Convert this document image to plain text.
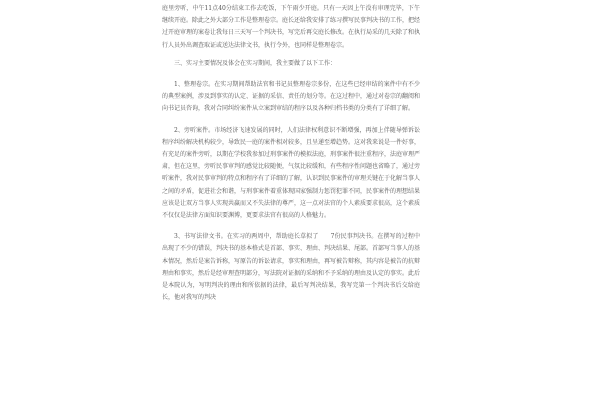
庭里旁听，中午11点40分结束工作去吃饭，下午雨少开庭。只有一天因上午没有审理完毕，下午继续开庭。除此之外大部分工作是整理卷宗。庭长还给我安排了练习撰写民事判决书的工作，把经过开庭审理的案卷让我每日三天写一个判决书，写完后再交庭长修改。在执行局采的几天除了和执行人员外出调查取证或送达法律文书，执行令外，也同样是整理卷宗。

三、实习主要情况及体会在实习期间，我主要做了以下工作：

1、整理卷宗。在实习期间帮助法官和书记员整理卷宗多份，在这些已经审结的案件中有不少的典型案例，涉及到事实的认定、证据的采信、责任的划分等。在这过程中，通过对卷宗的翻阅和向书记员咨询，我对合同纠纷案件从立案到审结的程序以及各种归档书类的分类有了详细了解。

2、旁听案件。市场经济飞速发展的同时，人们法律权利意识不断增强，再加上伴随导弹诉讼程序纠纷解决机构较少，导致民一庭的案件相对较多，且呈递至增趋势。这对我来说是一件好事，有充足的案件旁听，以期在学校我参加过刑事案件的模拟法庭，刑事案件很注重程序，法庭审理严肃，但在这里，旁听民事审判的感觉比较随便，气氛比较缓和，有些程序性问题也省略了，通过旁听案件，我对民事审判的特点和程序有了详细的了解，认识到民事案件的审理关键在于化解当事人之间的矛盾，促进社会和谐，与刑事案件着重体现国家强制力惩罚犯罪不同，民事案件的理想结果应该是让双方当事人实现共赢而又不失法律的尊严，这一点对法官的个人素质要求很高，这个素质不仅仅是法律方面知识要渊博，更要求法官有很高的人格魅力。

3、书写法律文书。在实习的两周中，帮助庭长草拟了　　7份民事判决书。在撰写的过程中出现了不少的错误，判决书的基本格式是首部、事实、理由、判决结果、尾部。首部写当事人的基本情况，然后是案告诉称，写原告的诉讼请求，事实和理由，再写被告辩称，其内容是被告的抗辩理由和事实，然后是经审理查明部分，写法院对证据的采纳和不予采纳的理由及认定的事实。此后是本院认为，写明判决的理由和所依据的法律，最后写判决结果，我写完第一个判决书后交给庭长，他对我写的判决
